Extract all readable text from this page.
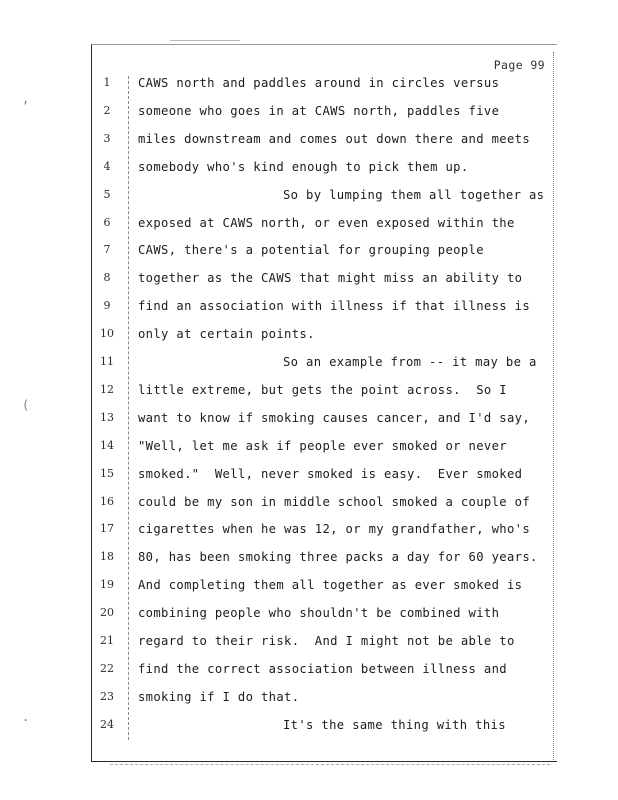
,
(
.
Page 99
1	CAWS north and paddles around in circles versus
2	someone who goes in at CAWS north, paddles five
3	miles downstream and comes out down there and meets
4	somebody who's kind enough to pick them up.
5	So by lumping them all together as
6	exposed at CAWS north, or even exposed within the
7	CAWS, there's a potential for grouping people
8	together as the CAWS that might miss an ability to
9	find an association with illness if that illness is
10	only at certain points.
11	So an example from -- it may be a
12	little extreme, but gets the point across.  So I
13	want to know if smoking causes cancer, and I'd say,
14	"Well, let me ask if people ever smoked or never
15	smoked."  Well, never smoked is easy.  Ever smoked
16	could be my son in middle school smoked a couple of
17	cigarettes when he was 12, or my grandfather, who's
18	80, has been smoking three packs a day for 60 years.
19	And completing them all together as ever smoked is
20	combining people who shouldn't be combined with
21	regard to their risk.  And I might not be able to
22	find the correct association between illness and
23	smoking if I do that.
24	It's the same thing with this
